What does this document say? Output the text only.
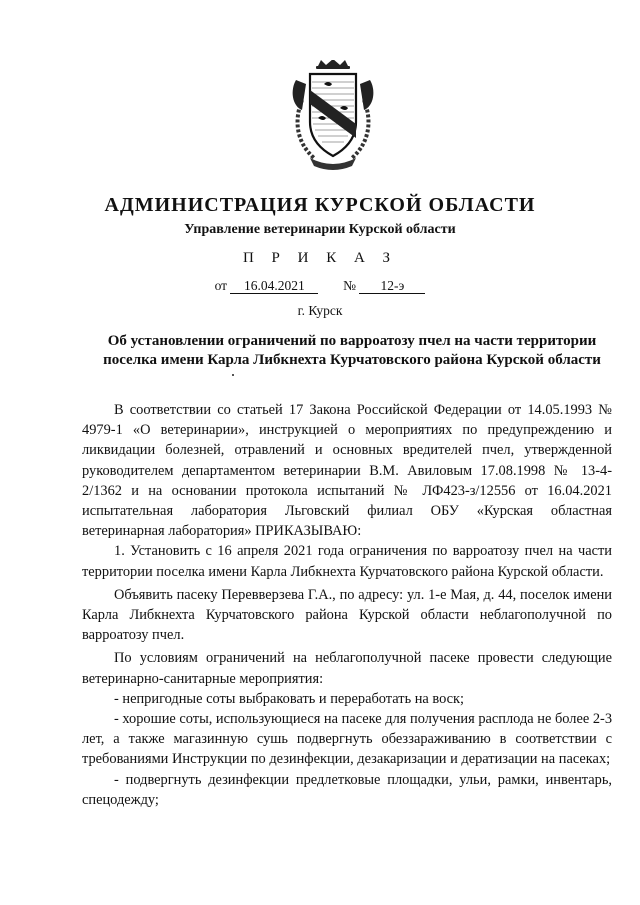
АДМИНИСТРАЦИЯ КУРСКОЙ ОБЛАСТИ
Управление ветеринарии Курской области
П Р И К А З
от 16.04.2021	№ 12-э
г. Курск
Об установлении ограничений по варроатозу пчел на части территории
поселка имени Карла Либкнехта Курчатовского района Курской области

В соответствии со статьей 17 Закона Российской Федерации от 14.05.1993 № 4979-1 «О ветеринарии», инструкцией о мероприятиях по предупреждению и ликвидации болезней, отравлений и основных вредителей пчел, утвержденной руководителем департаментом ветеринарии В.М. Авиловым 17.08.1998 № 13-4-2/1362 и на основании протокола испытаний № ЛФ423-з/12556 от 16.04.2021 испытательная лаборатория Льговский филиал ОБУ «Курская областная ветеринарная лаборатория» ПРИКАЗЫВАЮ:

1. Установить с 16 апреля 2021 года ограничения по варроатозу пчел на части территории поселка имени Карла Либкнехта Курчатовского района Курской области.

Объявить пасеку Перевверзева Г.А., по адресу: ул. 1-е Мая, д. 44, поселок имени Карла Либкнехта Курчатовского района Курской области неблагополучной по варроатозу пчел.

По условиям ограничений на неблагополучной пасеке провести следующие ветеринарно-санитарные мероприятия:

- непригодные соты выбраковать и переработать на воск;

- хорошие соты, использующиеся на пасеке для получения расплода не более 2-3 лет, а также магазинную сушь подвергнуть обеззараживанию в соответствии с требованиями Инструкции по дезинфекции, дезакаризации и дератизации на пасеках;

- подвергнуть дезинфекции предлетковые площадки, ульи, рамки, инвентарь, спецодежду;
